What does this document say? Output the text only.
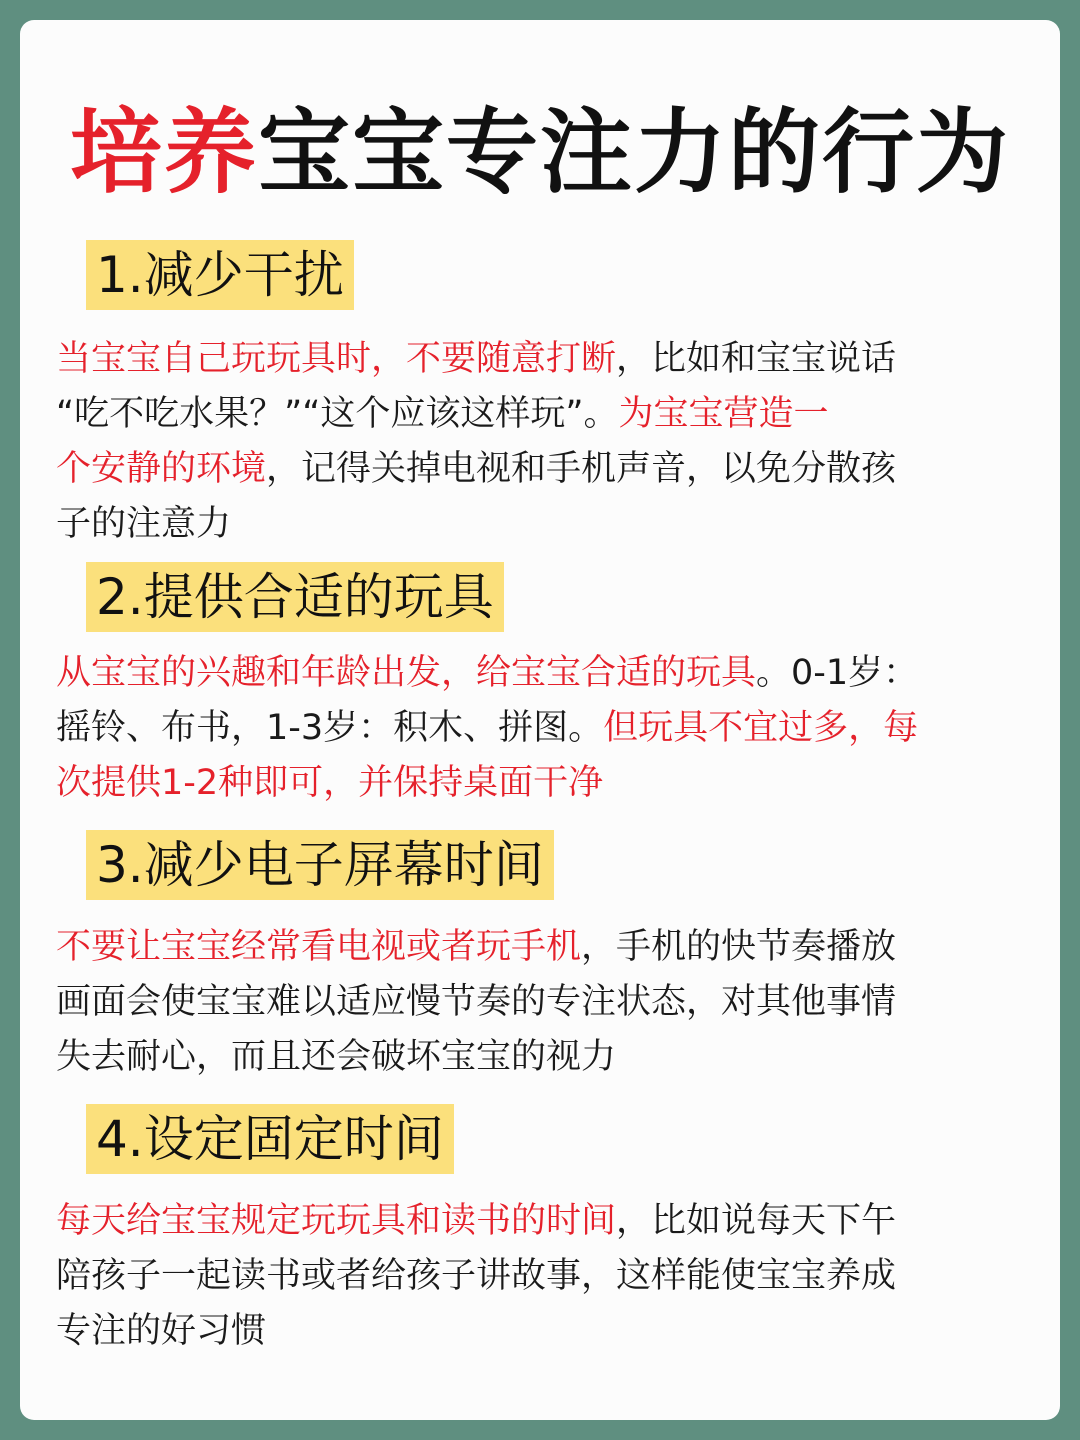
培养宝宝专注力的行为
1.减少干扰
当宝宝自己玩玩具时，不要随意打断，比如和宝宝说话
“吃不吃水果？”“这个应该这样玩”。为宝宝营造一
个安静的环境，记得关掉电视和手机声音，以免分散孩
子的注意力
2.提供合适的玩具
从宝宝的兴趣和年龄出发，给宝宝合适的玩具。0-1岁：
摇铃、布书，1-3岁：积木、拼图。但玩具不宜过多，每
次提供1-2种即可，并保持桌面干净
3.减少电子屏幕时间
不要让宝宝经常看电视或者玩手机，手机的快节奏播放
画面会使宝宝难以适应慢节奏的专注状态，对其他事情
失去耐心，而且还会破坏宝宝的视力
4.设定固定时间
每天给宝宝规定玩玩具和读书的时间，比如说每天下午
陪孩子一起读书或者给孩子讲故事，这样能使宝宝养成
专注的好习惯
